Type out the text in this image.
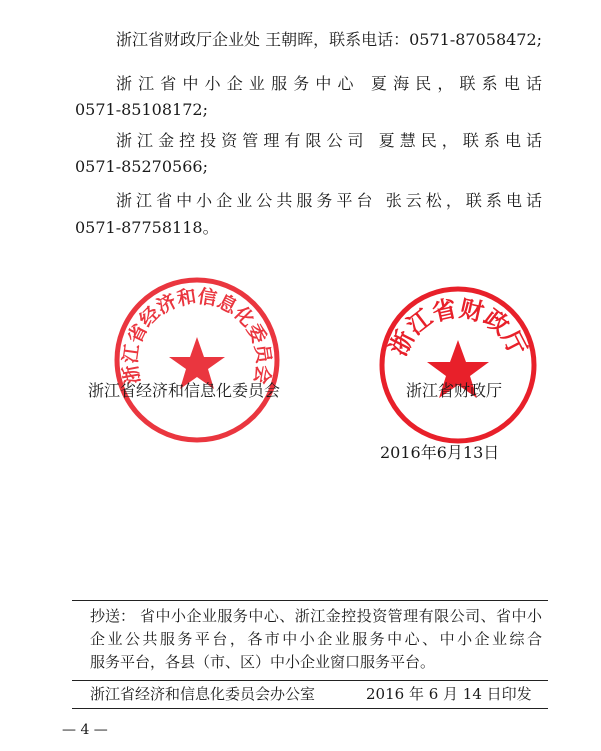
浙江省财政厅企业处 王朝晖，联系电话：0571-87058472;
浙江省中小企业服务中心 夏海民，联系电话
0571-85108172;
浙江金控投资管理有限公司 夏慧民，联系电话
0571-85270566;
浙江省中小企业公共服务平台 张云松，联系电话
0571-87758118。
浙江省经济和信息化委员会
浙江省财政厅
浙江省经济和信息化委员会	浙江省财政厅
2016年6月13日
抄送： 省中小企业服务中心、浙江金控投资管理有限公司、省中小
企业公共服务平台，各市中小企业服务中心、中小企业综合
服务平台，各县（市、区）中小企业窗口服务平台。
浙江省经济和信息化委员会办公室	2016 年 6 月 14 日印发
— 4 —
